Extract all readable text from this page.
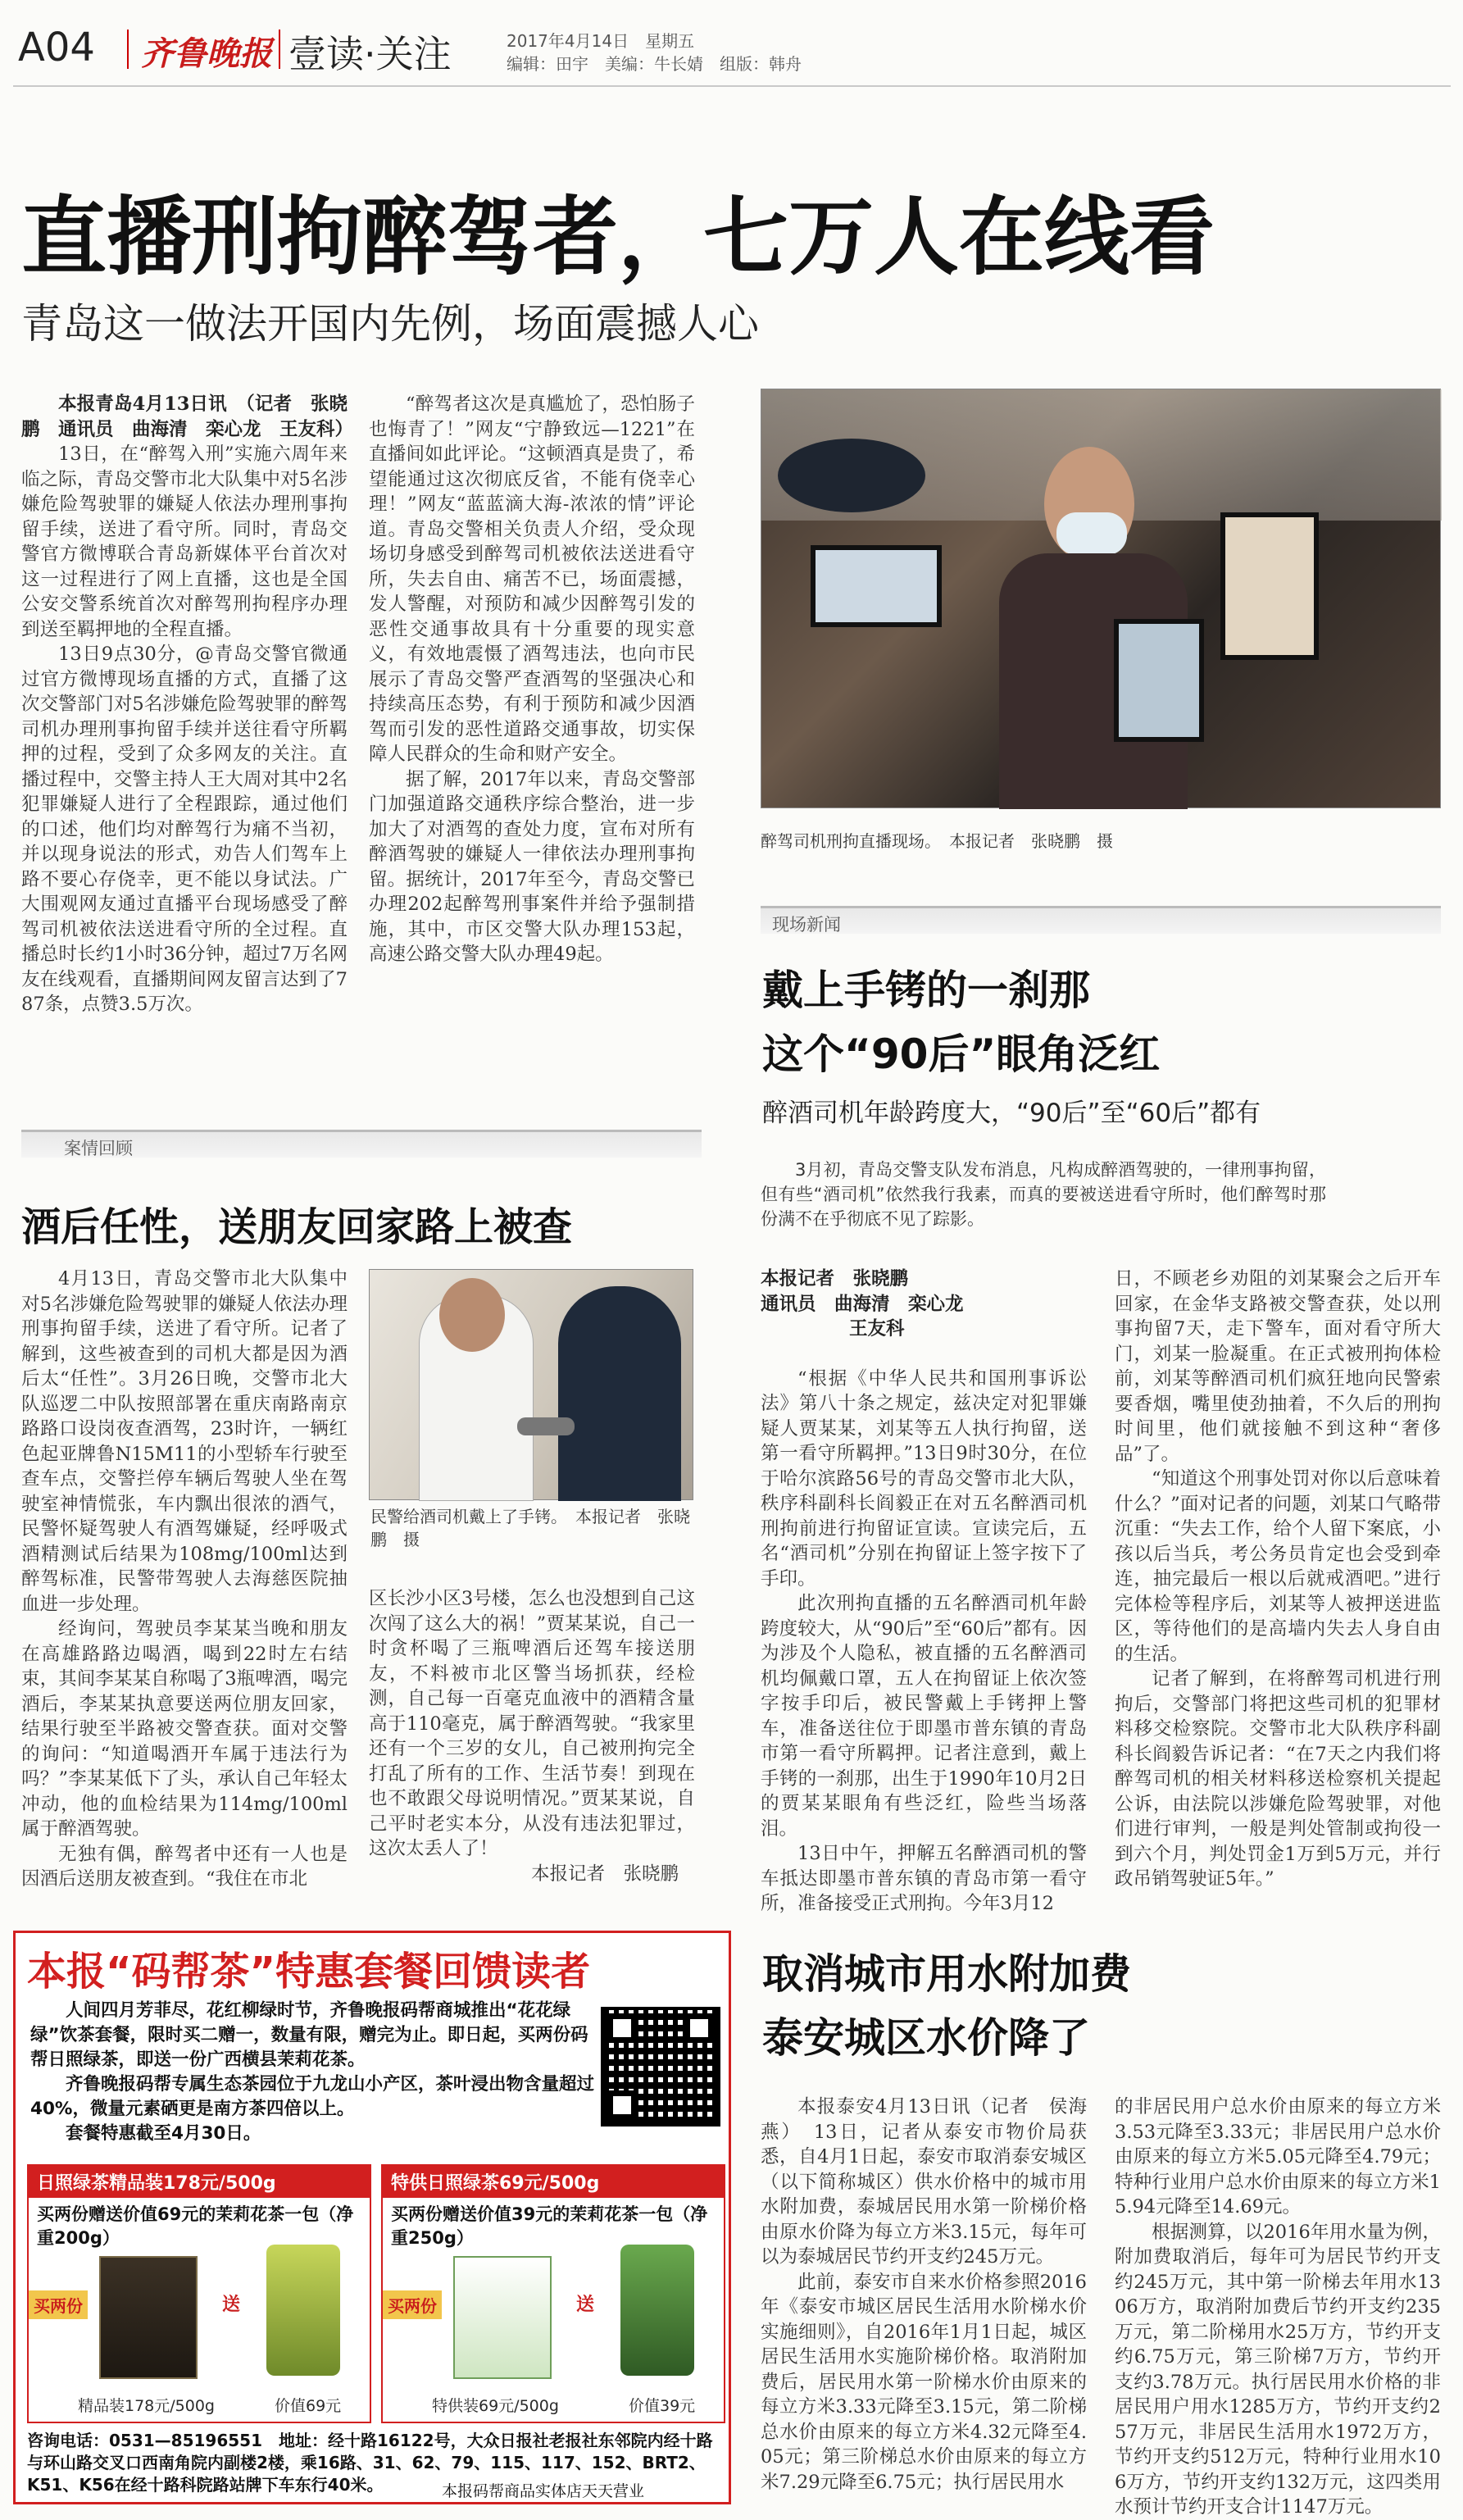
A04 齐鲁晚报 壹读·关注	2017年4月14日　星期五
编辑：田宇　美编：牛长婧　组版：韩舟
直播刑拘醉驾者，七万人在线看
青岛这一做法开国内先例，场面震撼人心

本报青岛4月13日讯　（记者　张晓鹏　通讯员　曲海清　栾心龙　王友科）

13日，在“醉驾入刑”实施六周年来临之际，青岛交警市北大队集中对5名涉嫌危险驾驶罪的嫌疑人依法办理刑事拘留手续，送进了看守所。同时，青岛交警官方微博联合青岛新媒体平台首次对这一过程进行了网上直播，这也是全国公安交警系统首次对醉驾刑拘程序办理到送至羁押地的全程直播。

13日9点30分，@青岛交警官微通过官方微博现场直播的方式，直播了这次交警部门对5名涉嫌危险驾驶罪的醉驾司机办理刑事拘留手续并送往看守所羁押的过程，受到了众多网友的关注。直播过程中，交警主持人王大周对其中2名犯罪嫌疑人进行了全程跟踪，通过他们的口述，他们均对醉驾行为痛不当初，并以现身说法的形式，劝告人们驾车上路不要心存侥幸，更不能以身试法。广大围观网友通过直播平台现场感受了醉驾司机被依法送进看守所的全过程。直播总时长约1小时36分钟，超过7万名网友在线观看，直播期间网友留言达到了787条，点赞3.5万次。

“醉驾者这次是真尴尬了，恐怕肠子也悔青了！”网友“宁静致远—1221”在直播间如此评论。“这顿酒真是贵了，希望能通过这次彻底反省，不能有侥幸心理！”网友“蓝蓝滴大海-浓浓的情”评论道。青岛交警相关负责人介绍，受众现场切身感受到醉驾司机被依法送进看守所，失去自由、痛苦不已，场面震撼，发人警醒，对预防和减少因醉驾引发的恶性交通事故具有十分重要的现实意义，有效地震慑了酒驾违法，也向市民展示了青岛交警严查酒驾的坚强决心和持续高压态势，有利于预防和减少因酒驾而引发的恶性道路交通事故，切实保障人民群众的生命和财产安全。

据了解，2017年以来，青岛交警部门加强道路交通秩序综合整治，进一步加大了对酒驾的查处力度，宣布对所有醉酒驾驶的嫌疑人一律依法办理刑事拘留。据统计，2017年至今，青岛交警已办理202起醉驾刑事案件并给予强制措施，其中，市区交警大队办理153起，高速公路交警大队办理49起。

醉驾司机刑拘直播现场。　本报记者　张晓鹏　摄
现场新闻
戴上手铐的一刹那
这个“90后”眼角泛红
醉酒司机年龄跨度大，“90后”至“60后”都有

3月初，青岛交警支队发布消息，凡构成醉酒驾驶的，一律刑事拘留，但有些“酒司机”依然我行我素，而真的要被送进看守所时，他们醉驾时那份满不在乎彻底不见了踪影。

本报记者　张晓鹏
通讯员　曲海清　栾心龙
王友科

“根据《中华人民共和国刑事诉讼法》第八十条之规定，兹决定对犯罪嫌疑人贾某某，刘某等五人执行拘留，送第一看守所羁押。”13日9时30分，在位于哈尔滨路56号的青岛交警市北大队，秩序科副科长阎毅正在对五名醉酒司机刑拘前进行拘留证宣读。宣读完后，五名“酒司机”分别在拘留证上签字按下了手印。

此次刑拘直播的五名醉酒司机年龄跨度较大，从“90后”至“60后”都有。因为涉及个人隐私，被直播的五名醉酒司机均佩戴口罩，五人在拘留证上依次签字按手印后，被民警戴上手铐押上警车，准备送往位于即墨市普东镇的青岛市第一看守所羁押。记者注意到，戴上手铐的一刹那，出生于1990年10月2日的贾某某眼角有些泛红，险些当场落泪。

13日中午，押解五名醉酒司机的警车抵达即墨市普东镇的青岛市第一看守所，准备接受正式刑拘。今年3月12

日，不顾老乡劝阻的刘某聚会之后开车回家，在金华支路被交警查获，处以刑事拘留7天，走下警车，面对看守所大门，刘某一脸凝重。在正式被刑拘体检前，刘某等醉酒司机们疯狂地向民警索要香烟，嘴里使劲抽着，不久后的刑拘时间里，他们就接触不到这种“奢侈品”了。

“知道这个刑事处罚对你以后意味着什么？”面对记者的问题，刘某口气略带沉重：“失去工作，给个人留下案底，小孩以后当兵，考公务员肯定也会受到牵连，抽完最后一根以后就戒酒吧。”进行完体检等程序后，刘某等人被押送进监区，等待他们的是高墙内失去人身自由的生活。

记者了解到，在将醉驾司机进行刑拘后，交警部门将把这些司机的犯罪材料移交检察院。交警市北大队秩序科副科长阎毅告诉记者：“在7天之内我们将醉驾司机的相关材料移送检察机关提起公诉，由法院以涉嫌危险驾驶罪，对他们进行审判，一般是判处管制或拘役一到六个月，判处罚金1万到5万元，并行政吊销驾驶证5年。”

案情回顾
酒后任性，送朋友回家路上被查

4月13日，青岛交警市北大队集中对5名涉嫌危险驾驶罪的嫌疑人依法办理刑事拘留手续，送进了看守所。记者了解到，这些被查到的司机大都是因为酒后太“任性”。3月26日晚，交警市北大队巡逻二中队按照部署在重庆南路南京路路口设岗夜查酒驾，23时许，一辆红色起亚牌鲁N15M11的小型轿车行驶至查车点，交警拦停车辆后驾驶人坐在驾驶室神情慌张，车内飘出很浓的酒气，民警怀疑驾驶人有酒驾嫌疑，经呼吸式酒精测试后结果为108mg/100ml达到醉驾标准，民警带驾驶人去海慈医院抽血进一步处理。

经询问，驾驶员李某某当晚和朋友在高雄路路边喝酒，喝到22时左右结束，其间李某某自称喝了3瓶啤酒，喝完酒后，李某某执意要送两位朋友回家，结果行驶至半路被交警查获。面对交警的询问：“知道喝酒开车属于违法行为吗？”李某某低下了头，承认自己年轻太冲动，他的血检结果为114mg/100ml属于醉酒驾驶。

无独有偶，醉驾者中还有一人也是因酒后送朋友被查到。“我住在市北

民警给酒司机戴上了手铐。　本报记者　张晓鹏　摄

区长沙小区3号楼，怎么也没想到自己这次闯了这么大的祸！”贾某某说，自己一时贪杯喝了三瓶啤酒后还驾车接送朋友，不料被市北区警当场抓获，经检测，自己每一百毫克血液中的酒精含量高于110毫克，属于醉酒驾驶。“我家里还有一个三岁的女儿，自己被刑拘完全打乱了所有的工作、生活节奏！到现在也不敢跟父母说明情况。”贾某某说，自己平时老实本分，从没有违法犯罪过，这次太丢人了！

本报记者　张晓鹏
本报“码帮茶”特惠套餐回馈读者

人间四月芳菲尽，花红柳绿时节，齐鲁晚报码帮商城推出“花花绿绿”饮茶套餐，限时买二赠一，数量有限，赠完为止。即日起，买两份码帮日照绿茶，即送一份广西横县茉莉花茶。

齐鲁晚报码帮专属生态茶园位于九龙山小产区，茶叶浸出物含量超过40%，微量元素硒更是南方茶四倍以上。

套餐特惠截至4月30日。

日照绿茶精品装178元/500g
买两份赠送价值69元的茉莉花茶一包（净重200g）
买两份	送
精品装178元/500g	价值69元
特供日照绿茶69元/500g
买两份赠送价值39元的茉莉花茶一包（净重250g）
买两份	送
特供装69元/500g	价值39元
咨询电话：0531—85196551　地址：经十路16122号，大众日报社老报社东邻院内经十路与环山路交叉口西南角院内副楼2楼，乘16路、31、62、79、115、117、152、BRT2、K51、K56在经十路科院路站牌下车东行40米。	本报码帮商品实体店天天营业
取消城市用水附加费
泰安城区水价降了

本报泰安4月13日讯（记者　侯海燕）　13日，记者从泰安市物价局获悉，自4月1日起，泰安市取消泰安城区（以下简称城区）供水价格中的城市用水附加费，泰城居民用水第一阶梯价格由原水价降为每立方米3.15元，每年可以为泰城居民节约开支约245万元。

此前，泰安市自来水价格参照2016年《泰安市城区居民生活用水阶梯水价实施细则》，自2016年1月1日起，城区居民生活用水实施阶梯价格。取消附加费后，居民用水第一阶梯水价由原来的每立方米3.33元降至3.15元，第二阶梯总水价由原来的每立方米4.32元降至4.05元；第三阶梯总水价由原来的每立方米7.29元降至6.75元；执行居民用水

的非居民用户总水价由原来的每立方米3.53元降至3.33元；非居民用户总水价由原来的每立方米5.05元降至4.79元；特种行业用户总水价由原来的每立方米15.94元降至14.69元。

根据测算，以2016年用水量为例，附加费取消后，每年可为居民节约开支约245万元，其中第一阶梯去年用水1306万方，取消附加费后节约开支约235万元，第二阶梯用水25万方，节约开支约6.75万元，第三阶梯7万方，节约开支约3.78万元。执行居民用水价格的非居民用户用水1285万方，节约开支约257万元，非居民生活用水1972万方，节约开支约512万元，特种行业用水106万方，节约开支约132万元，这四类用水预计节约开支合计1147万元。
